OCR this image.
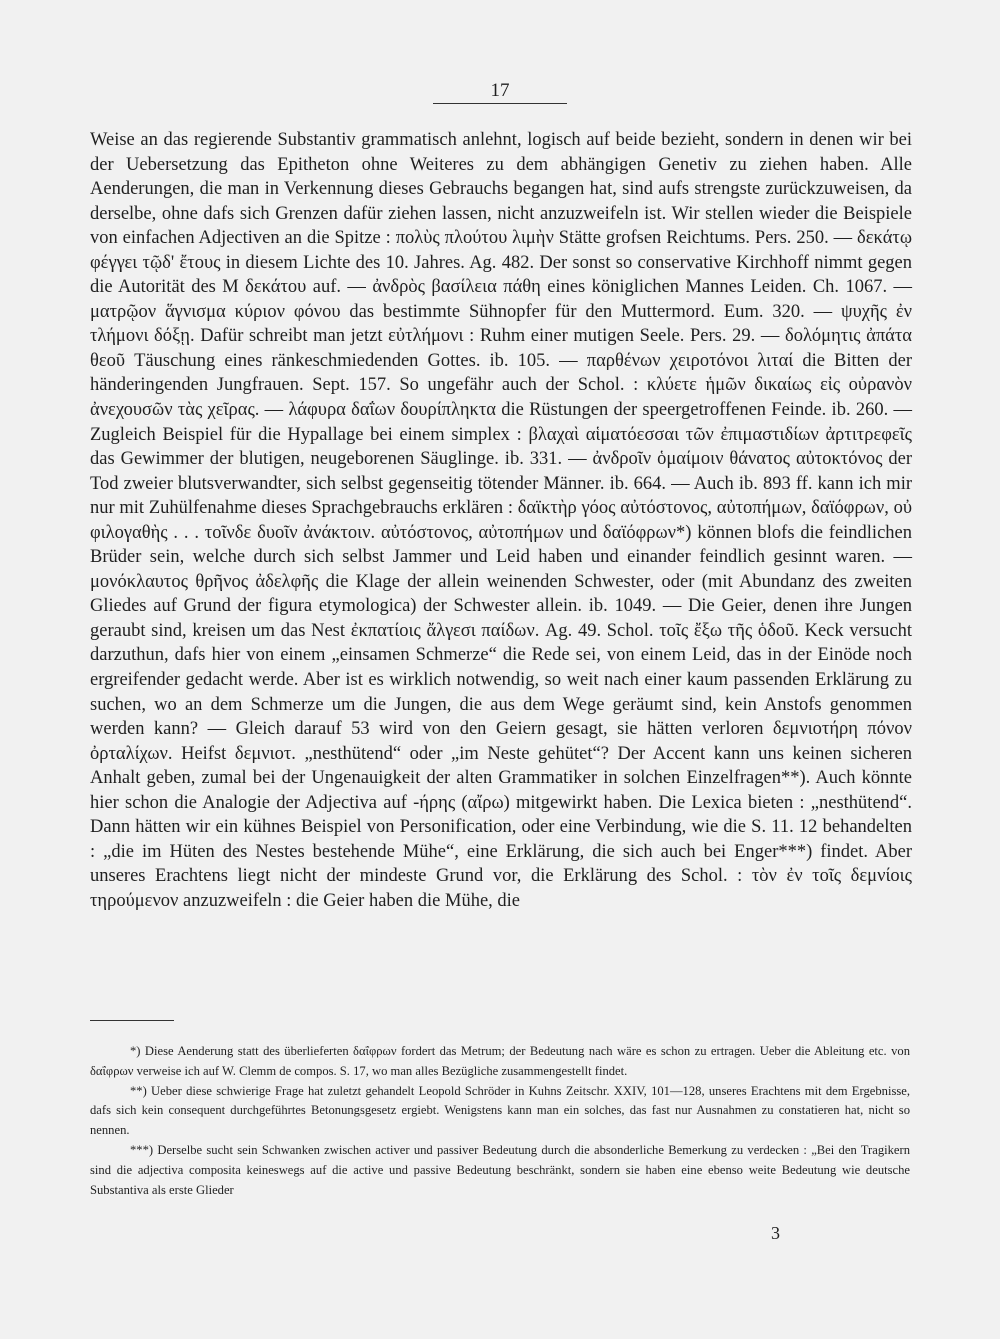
17

Weise an das regierende Substantiv grammatisch anlehnt, logisch auf beide bezieht, sondern in denen wir bei der Uebersetzung das Epitheton ohne Weiteres zu dem abhängigen Genetiv zu ziehen haben. Alle Aenderungen, die man in Verkennung dieses Gebrauchs begangen hat, sind aufs strengste zurückzuweisen, da derselbe, ohne dafs sich Grenzen dafür ziehen lassen, nicht anzuzweifeln ist. Wir stellen wieder die Beispiele von einfachen Adjectiven an die Spitze : πολὺς πλούτου λιμὴν Stätte grofsen Reichtums. Pers. 250. — δεκάτῳ φέγγει τῷδ' ἔτους in diesem Lichte des 10. Jahres. Ag. 482. Der sonst so conservative Kirchhoff nimmt gegen die Autorität des M δεκάτου auf. — ἀνδρὸς βασίλεια πάθη eines königlichen Mannes Leiden. Ch. 1067. — ματρῷον ἅγνισμα κύριον φόνου das bestimmte Sühnopfer für den Muttermord. Eum. 320. — ψυχῆς ἐν τλήμονι δόξῃ. Dafür schreibt man jetzt εὐτλήμονι : Ruhm einer mutigen Seele. Pers. 29. — δολόμητις ἀπάτα θεοῦ Täuschung eines ränkeschmiedenden Gottes. ib. 105. — παρθένων χειροτόνοι λιταί die Bitten der händeringenden Jungfrauen. Sept. 157. So ungefähr auch der Schol. : κλύετε ἡμῶν δικαίως εἰς οὐρανὸν ἀνεχουσῶν τὰς χεῖρας. — λάφυρα δαΐων δουρίπληκτα die Rüstungen der speergetroffenen Feinde. ib. 260. — Zugleich Beispiel für die Hypallage bei einem simplex : βλαχαὶ αἱματόεσσαι τῶν ἐπιμαστιδίων ἀρτιτρεφεῖς das Gewimmer der blutigen, neugeborenen Säuglinge. ib. 331. — ἀνδροῖν ὁμαίμοιν θάνατος αὐτοκτόνος der Tod zweier blutsverwandter, sich selbst gegenseitig tötender Männer. ib. 664. — Auch ib. 893 ff. kann ich mir nur mit Zuhülfenahme dieses Sprachgebrauchs erklären : δαϊκτὴρ γόος αὐτόστονος, αὐτοπήμων, δαϊόφρων, οὐ φιλογαθὴς . . . τοῖνδε δυοῖν ἀνάκτοιν. αὐτόστονος, αὐτοπήμων und δαϊόφρων*) können blofs die feindlichen Brüder sein, welche durch sich selbst Jammer und Leid haben und einander feindlich gesinnt waren. — μονόκλαυτος θρῆνος ἀδελφῆς die Klage der allein weinenden Schwester, oder (mit Abundanz des zweiten Gliedes auf Grund der figura etymologica) der Schwester allein. ib. 1049. — Die Geier, denen ihre Jungen geraubt sind, kreisen um das Nest ἐκπατίοις ἄλγεσι παίδων. Ag. 49. Schol. τοῖς ἔξω τῆς ὁδοῦ. Keck versucht darzuthun, dafs hier von einem „einsamen Schmerze“ die Rede sei, von einem Leid, das in der Einöde noch ergreifender gedacht werde. Aber ist es wirklich notwendig, so weit nach einer kaum passenden Erklärung zu suchen, wo an dem Schmerze um die Jungen, die aus dem Wege geräumt sind, kein Anstofs genommen werden kann? — Gleich darauf 53 wird von den Geiern gesagt, sie hätten verloren δεμνιοτήρη πόνον ὀρταλίχων. Heifst δεμνιοτ. „nesthütend“ oder „im Neste gehütet“? Der Accent kann uns keinen sicheren Anhalt geben, zumal bei der Ungenauigkeit der alten Grammatiker in solchen Einzelfragen**). Auch könnte hier schon die Analogie der Adjectiva auf -ήρης (αἴρω) mitgewirkt haben. Die Lexica bieten : „nesthütend“. Dann hätten wir ein kühnes Beispiel von Personification, oder eine Verbindung, wie die S. 11. 12 behandelten : „die im Hüten des Nestes bestehende Mühe“, eine Erklärung, die sich auch bei Enger***) findet. Aber unseres Erachtens liegt nicht der mindeste Grund vor, die Erklärung des Schol. : τὸν ἐν τοῖς δεμνίοις τηρούμενον anzuzweifeln : die Geier haben die Mühe, die

*) Diese Aenderung statt des überlieferten δαΐφρων fordert das Metrum; der Bedeutung nach wäre es schon zu ertragen. Ueber die Ableitung etc. von δαΐφρων verweise ich auf W. Clemm de compos. S. 17, wo man alles Bezügliche zusammengestellt findet.

**) Ueber diese schwierige Frage hat zuletzt gehandelt Leopold Schröder in Kuhns Zeitschr. XXIV, 101—128, unseres Erachtens mit dem Ergebnisse, dafs sich kein consequent durchgeführtes Betonungsgesetz ergiebt. Wenigstens kann man ein solches, das fast nur Ausnahmen zu constatieren hat, nicht so nennen.

***) Derselbe sucht sein Schwanken zwischen activer und passiver Bedeutung durch die absonderliche Bemerkung zu verdecken : „Bei den Tragikern sind die adjectiva composita keineswegs auf die active und passive Bedeutung beschränkt, sondern sie haben eine ebenso weite Bedeutung wie deutsche Substantiva als erste Glieder

3
